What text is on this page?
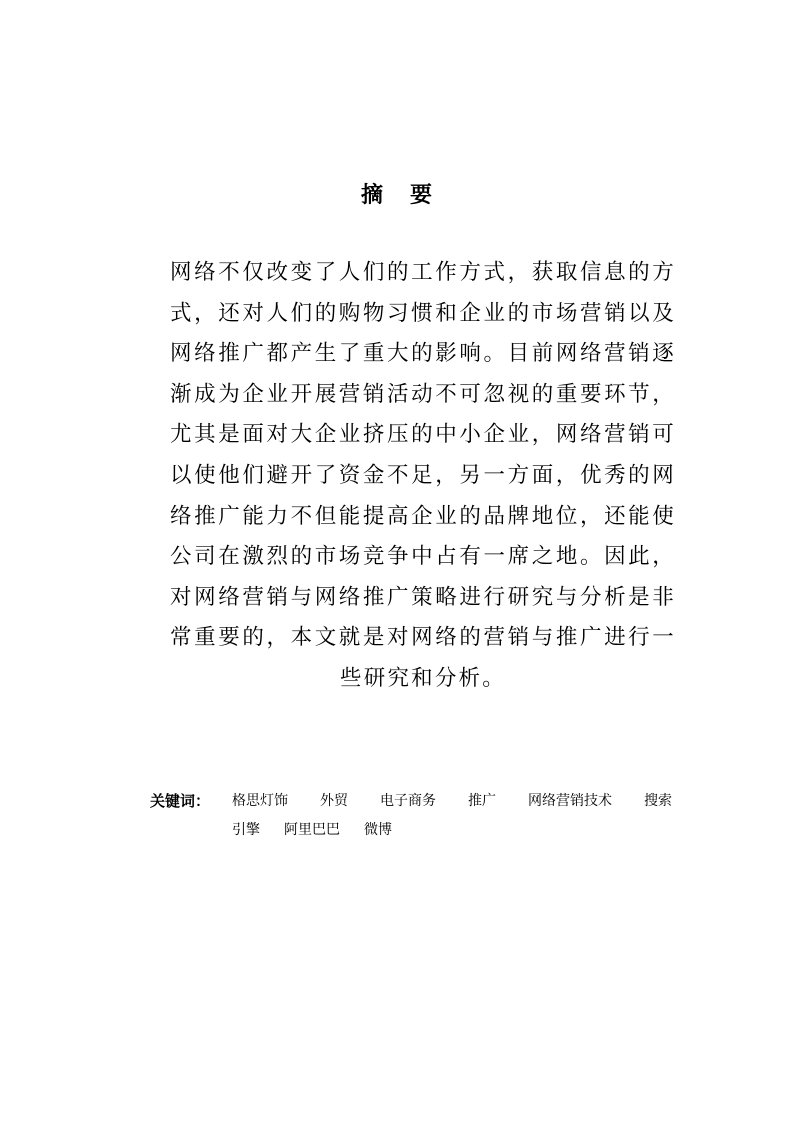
摘 要

网络不仅改变了人们的工作方式，获取信息的方式，还对人们的购物习惯和企业的市场营销以及网络推广都产生了重大的影响。目前网络营销逐渐成为企业开展营销活动不可忽视的重要环节，尤其是面对大企业挤压的中小企业，网络营销可以使他们避开了资金不足，另一方面，优秀的网络推广能力不但能提高企业的品牌地位，还能使公司在激烈的市场竞争中占有一席之地。因此，对网络营销与网络推广策略进行研究与分析是非常重要的，本文就是对网络的营销与推广进行一些研究和分析。

关键词： 格思灯饰 外贸 电子商务 推广 网络营销技术 搜索
引擎 阿里巴巴 微博
